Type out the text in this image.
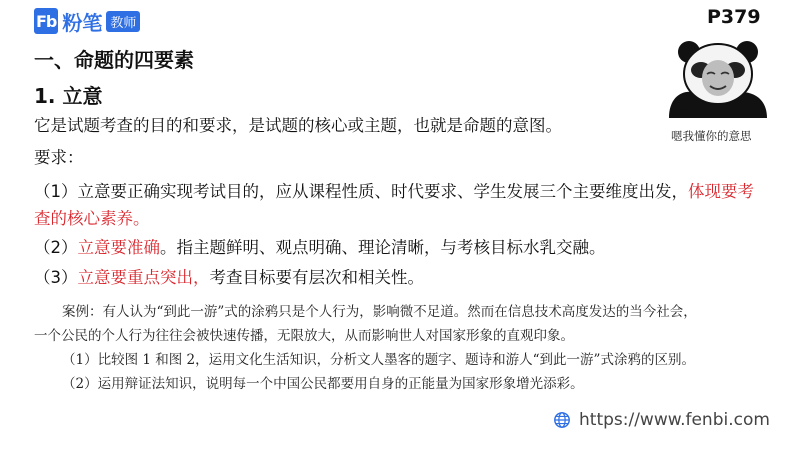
Fb 粉笔 教师	P379
一、命题的四要素
1. 立意
它是试题考查的目的和要求，是试题的核心或主题，也就是命题的意图。
要求：
（1）立意要正确实现考试目的，应从课程性质、时代要求、学生发展三个主要维度出发，体现要考查的核心素养。
（2）立意要准确。指主题鲜明、观点明确、理论清晰，与考核目标水乳交融。
（3）立意要重点突出，考查目标要有层次和相关性。
嗯我懂你的意思
案例：有人认为“到此一游”式的涂鸦只是个人行为，影响微不足道。然而在信息技术高度发达的当今社会，
一个公民的个人行为往往会被快速传播，无限放大，从而影响世人对国家形象的直观印象。
（1）比较图 1 和图 2，运用文化生活知识，分析文人墨客的题字、题诗和游人“到此一游”式涂鸦的区别。
（2）运用辩证法知识，说明每一个中国公民都要用自身的正能量为国家形象增光添彩。
https://www.fenbi.com
